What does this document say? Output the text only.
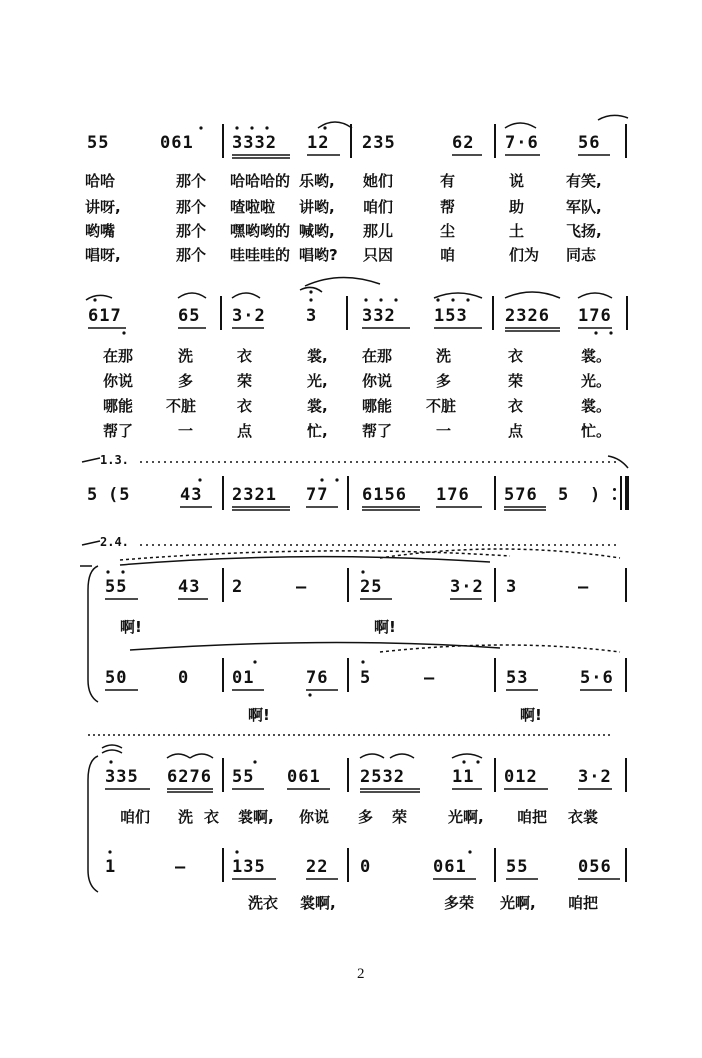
55	061 3332 12 235	62 7·6 56
哈哈	那个 哈哈哈的 乐哟, 她们	有	说	有笑,
讲呀,	那个 喳啦啦 讲哟, 咱们	帮	助	军队,
哟嘴	那个 嘿哟哟的 喊哟, 那儿	尘	土	飞扬,
唱呀,	那个 哇哇哇的 唱哟? 只因	咱	们为 同志
617	65 3·2 3	332 153 2326 176
在那	洗	衣	裳, 在那	洗	衣	裳。
你说	多	荣	光, 你说	多	荣	光。
哪能 不脏	衣	裳, 哪能 不脏	衣	裳。
帮了	一	点	忙, 帮了	一	点	忙。
1.3.
5 (5	43 2321 77 6156 176 576 5 )
2.4.
55	43 2	—	25	3·2 3	—
啊!	啊!
50	0	01	76 5	—	53	5·6
啊!	啊!
335 6276 55 061 2532	11 012 3·2
咱们 洗 衣 裳啊, 你说 多 荣	光啊, 咱把 衣裳
1	—	135 22 0	061 55	056
洗衣 裳啊,	多荣 光啊, 咱把
2
